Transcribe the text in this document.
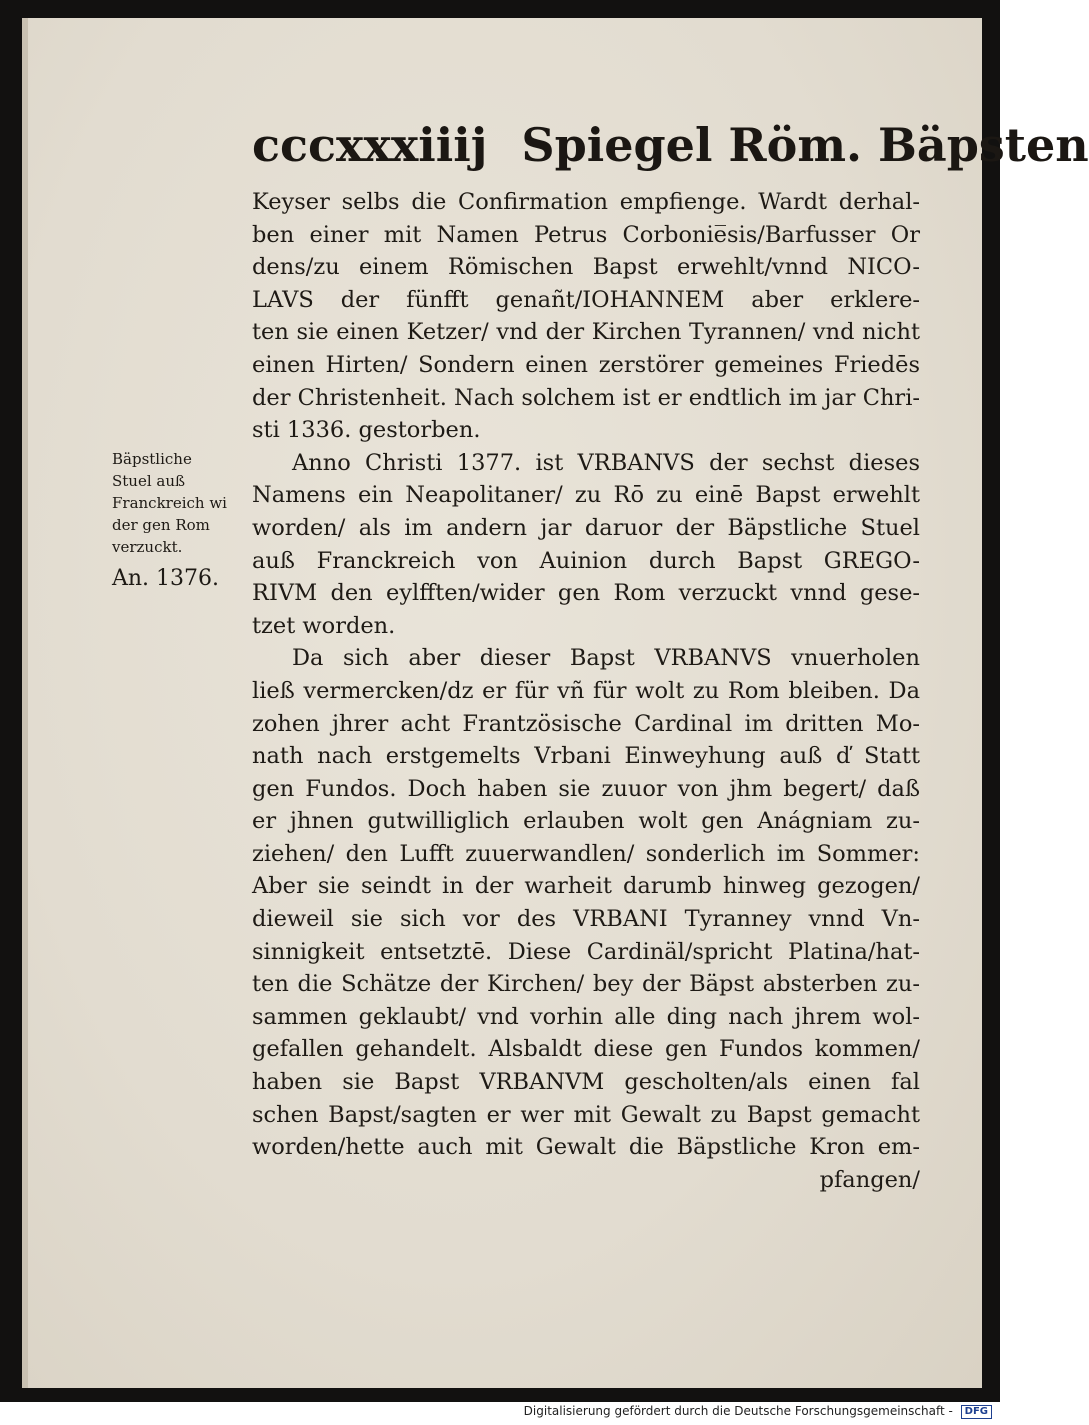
cccxxxiiij Spiegel Röm. Bäpsten
Bäpstliche
Stuel auß
Franckreich wi
der gen Rom
verzuckt.
An. 1376.
Keyser selbs die Confirmation empfienge. Wardt derhal-
ben einer mit Namen Petrus Corbonie̅sis/Barfusser Or
dens/zu einem Römischen Bapst erwehlt/vnnd NICO-
LAVS der fünfft genañt/IOHANNEM aber erklere-
ten sie einen Ketzer/ vnd der Kirchen Tyrannen/ vnd nicht
einen Hirten/ Sondern einen zerstörer gemeines Friedēs
der Christenheit. Nach solchem ist er endtlich im jar Chri-
sti 1336. gestorben.
Anno Christi 1377. ist VRBANVS der sechst dieses
Namens ein Neapolitaner/ zu Rō zu einē Bapst erwehlt
worden/ als im andern jar daruor der Bäpstliche Stuel
auß Franckreich von Auinion durch Bapst GREGO-
RIVM den eylfften/wider gen Rom verzuckt vnnd gese-
tzet worden.
Da sich aber dieser Bapst VRBANVS vnuerholen
ließ vermercken/dz er für vñ für wolt zu Rom bleiben. Da
zohen jhrer acht Frantzösische Cardinal im dritten Mo-
nath nach erstgemelts Vrbani Einweyhung auß ď Statt
gen Fundos. Doch haben sie zuuor von jhm begert/ daß
er jhnen gutwilliglich erlauben wolt gen Anágniam zu-
ziehen/ den Lufft zuuerwandlen/ sonderlich im Sommer:
Aber sie seindt in der warheit darumb hinweg gezogen/
dieweil sie sich vor des VRBANI Tyranney vnnd Vn-
sinnigkeit entsetztē. Diese Cardinäl/spricht Platina/hat-
ten die Schätze der Kirchen/ bey der Bäpst absterben zu-
sammen geklaubt/ vnd vorhin alle ding nach jhrem wol-
gefallen gehandelt. Alsbaldt diese gen Fundos kommen/
haben sie Bapst VRBANVM gescholten/als einen fal
schen Bapst/sagten er wer mit Gewalt zu Bapst gemacht
worden/hette auch mit Gewalt die Bäpstliche Kron em-
pfangen/
Digitalisierung gefördert durch die Deutsche Forschungsgemeinschaft - DFG
